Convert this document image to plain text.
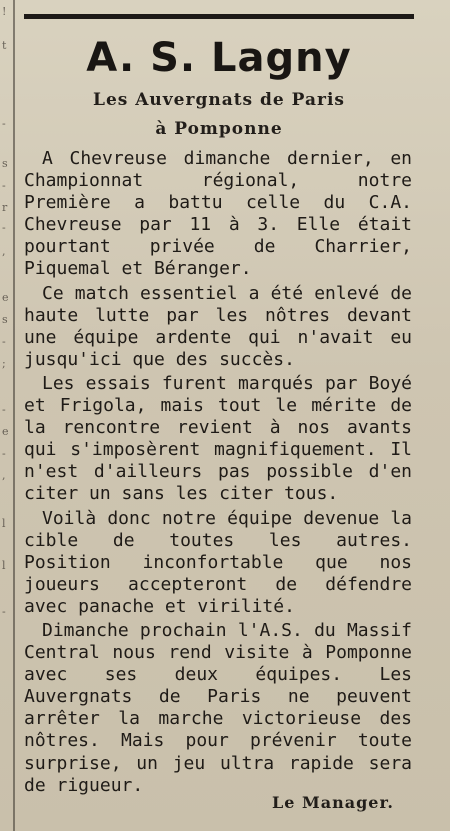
!
t
-
s
-
r
-
,
e
s
-
;
-
e
-
,
l
l
-
A. S. Lagny
Les Auvergnats de Paris
à Pomponne

A Chevreuse dimanche dernier, en Championnat régional, notre Première a battu celle du C.A. Chevreuse par 11 à 3. Elle était pourtant privée de Charrier, Piquemal et Béranger.

Ce match essentiel a été enlevé de haute lutte par les nôtres devant une équipe ardente qui n'avait eu jusqu'ici que des succès.

Les essais furent marqués par Boyé et Frigola, mais tout le mérite de la rencontre revient à nos avants qui s'imposèrent magnifiquement. Il n'est d'ailleurs pas possible d'en citer un sans les citer tous.

Voilà donc notre équipe devenue la cible de toutes les autres. Position inconfortable que nos joueurs accepteront de défendre avec panache et virilité.

Dimanche prochain l'A.S. du Massif Central nous rend visite à Pomponne avec ses deux équipes. Les Auvergnats de Paris ne peuvent arrêter la marche victorieuse des nôtres. Mais pour prévenir toute surprise, un jeu ultra rapide sera de rigueur.

Le Manager.
